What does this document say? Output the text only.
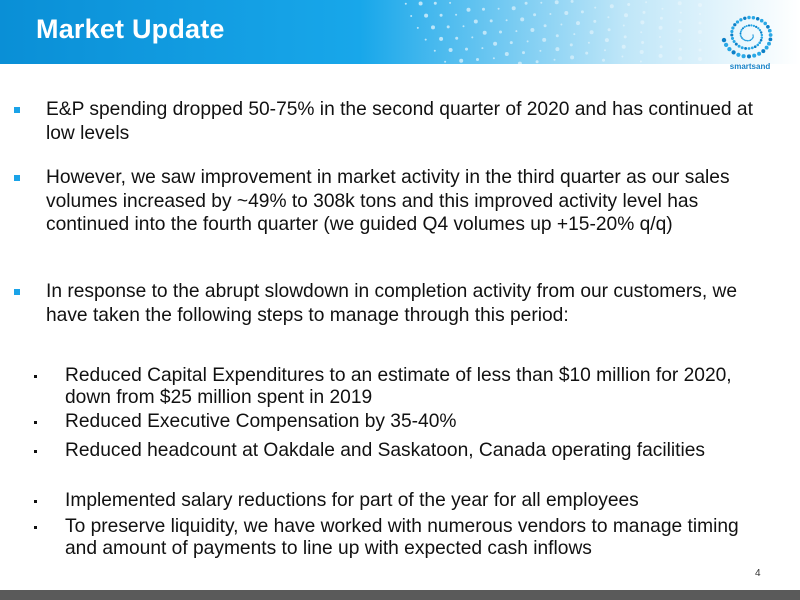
Market Update
smartsand
E&P spending dropped 50-75% in the second quarter of 2020 and has continued at low levels
However, we saw improvement in market activity in the third quarter as our sales volumes increased by ~49% to 308k tons and this improved activity level has continued into the fourth quarter (we guided Q4 volumes up +15-20% q/q)
In response to the abrupt slowdown in completion activity from our customers, we have taken the following steps to manage through this period:
Reduced Capital Expenditures to an estimate of less than $10 million for 2020, down from $25 million spent in 2019
Reduced Executive Compensation by 35-40%
Reduced headcount at Oakdale and Saskatoon, Canada operating facilities
Implemented salary reductions for part of the year for all employees
To preserve liquidity, we have worked with numerous vendors to manage timing and amount of payments to line up with expected cash inflows
4
